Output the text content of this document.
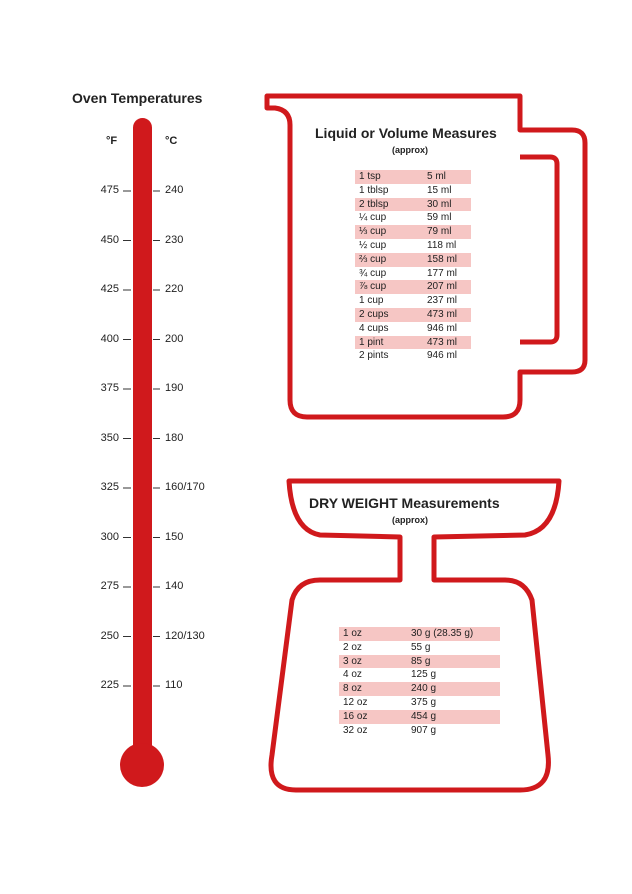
Oven Temperatures
°F	°C
475	240
450	230
425	220
400	200
375	190
350	180
325	160/170
300	150
275	140
250	120/130
225	110
Liquid or Volume Measures
(approx)
1 tsp	5 ml
1 tblsp	15 ml
2 tblsp	30 ml
¼ cup	59 ml
⅓ cup	79 ml
½ cup	118 ml
⅔ cup	158 ml
¾ cup	177 ml
⅞ cup	207 ml
1 cup	237 ml
2 cups	473 ml
4 cups	946 ml
1 pint	473 ml
2 pints	946 ml
DRY WEIGHT Measurements
(approx)
1 oz	30 g (28.35 g)
2 oz	55 g
3 oz	85 g
4 oz	125 g
8 oz	240 g
12 oz	375 g
16 oz	454 g
32 oz	907 g
